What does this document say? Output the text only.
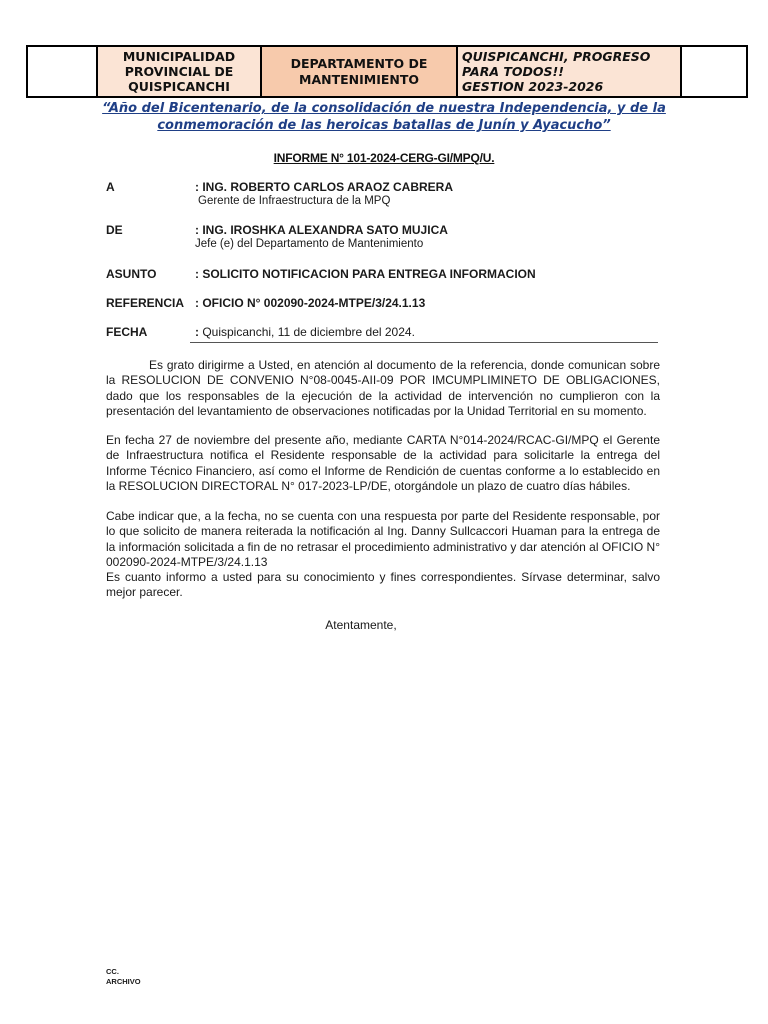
MUNICIPALIDAD
PROVINCIAL DE
QUISPICANCHI

DEPARTAMENTO DE
MANTENIMIENTO

QUISPICANCHI, PROGRESO
PARA TODOS!!
GESTION 2023-2026

“Año del Bicentenario, de la consolidación de nuestra Independencia, y de la
conmemoración de las heroicas batallas de Junín y Ayacucho”
INFORME N° 101-2024-CERG-GI/MPQ/U.
A	: ING. ROBERTO CARLOS ARAOZ CABRERA
Gerente de Infraestructura de la MPQ
DE	: ING. IROSHKA ALEXANDRA SATO MUJICA
Jefe (e) del Departamento de Mantenimiento
ASUNTO	: SOLICITO NOTIFICACION PARA ENTREGA INFORMACION
REFERENCIA : OFICIO N° 002090-2024-MTPE/3/24.1.13
FECHA	: Quispicanchi, 11 de diciembre del 2024.

Es grato dirigirme a Usted, en atención al documento de la referencia, donde comunican sobre la RESOLUCION DE CONVENIO N°08-0045-AII-09 POR IMCUMPLIMINETO DE OBLIGACIONES, dado que los responsables de la ejecución de la actividad de intervención no cumplieron con la presentación del levantamiento de observaciones notificadas por la Unidad Territorial en su momento.

En fecha 27 de noviembre del presente año, mediante CARTA N°014-2024/RCAC-GI/MPQ el Gerente de Infraestructura notifica el Residente responsable de la actividad para solicitarle la entrega del Informe Técnico Financiero, así como el Informe de Rendición de cuentas conforme a lo establecido en la RESOLUCION DIRECTORAL N° 017-2023-LP/DE, otorgándole un plazo de cuatro días hábiles.

Cabe indicar que, a la fecha, no se cuenta con una respuesta por parte del Residente responsable, por lo que solicito de manera reiterada la notificación al Ing. Danny Sullcaccori Huaman para la entrega de la información solicitada a fin de no retrasar el procedimiento administrativo y dar atención al OFICIO N° 002090-2024-MTPE/3/24.1.13

Es cuanto informo a usted para su conocimiento y fines correspondientes. Sírvase determinar, salvo mejor parecer.

Atentamente,
CC.
ARCHIVO
